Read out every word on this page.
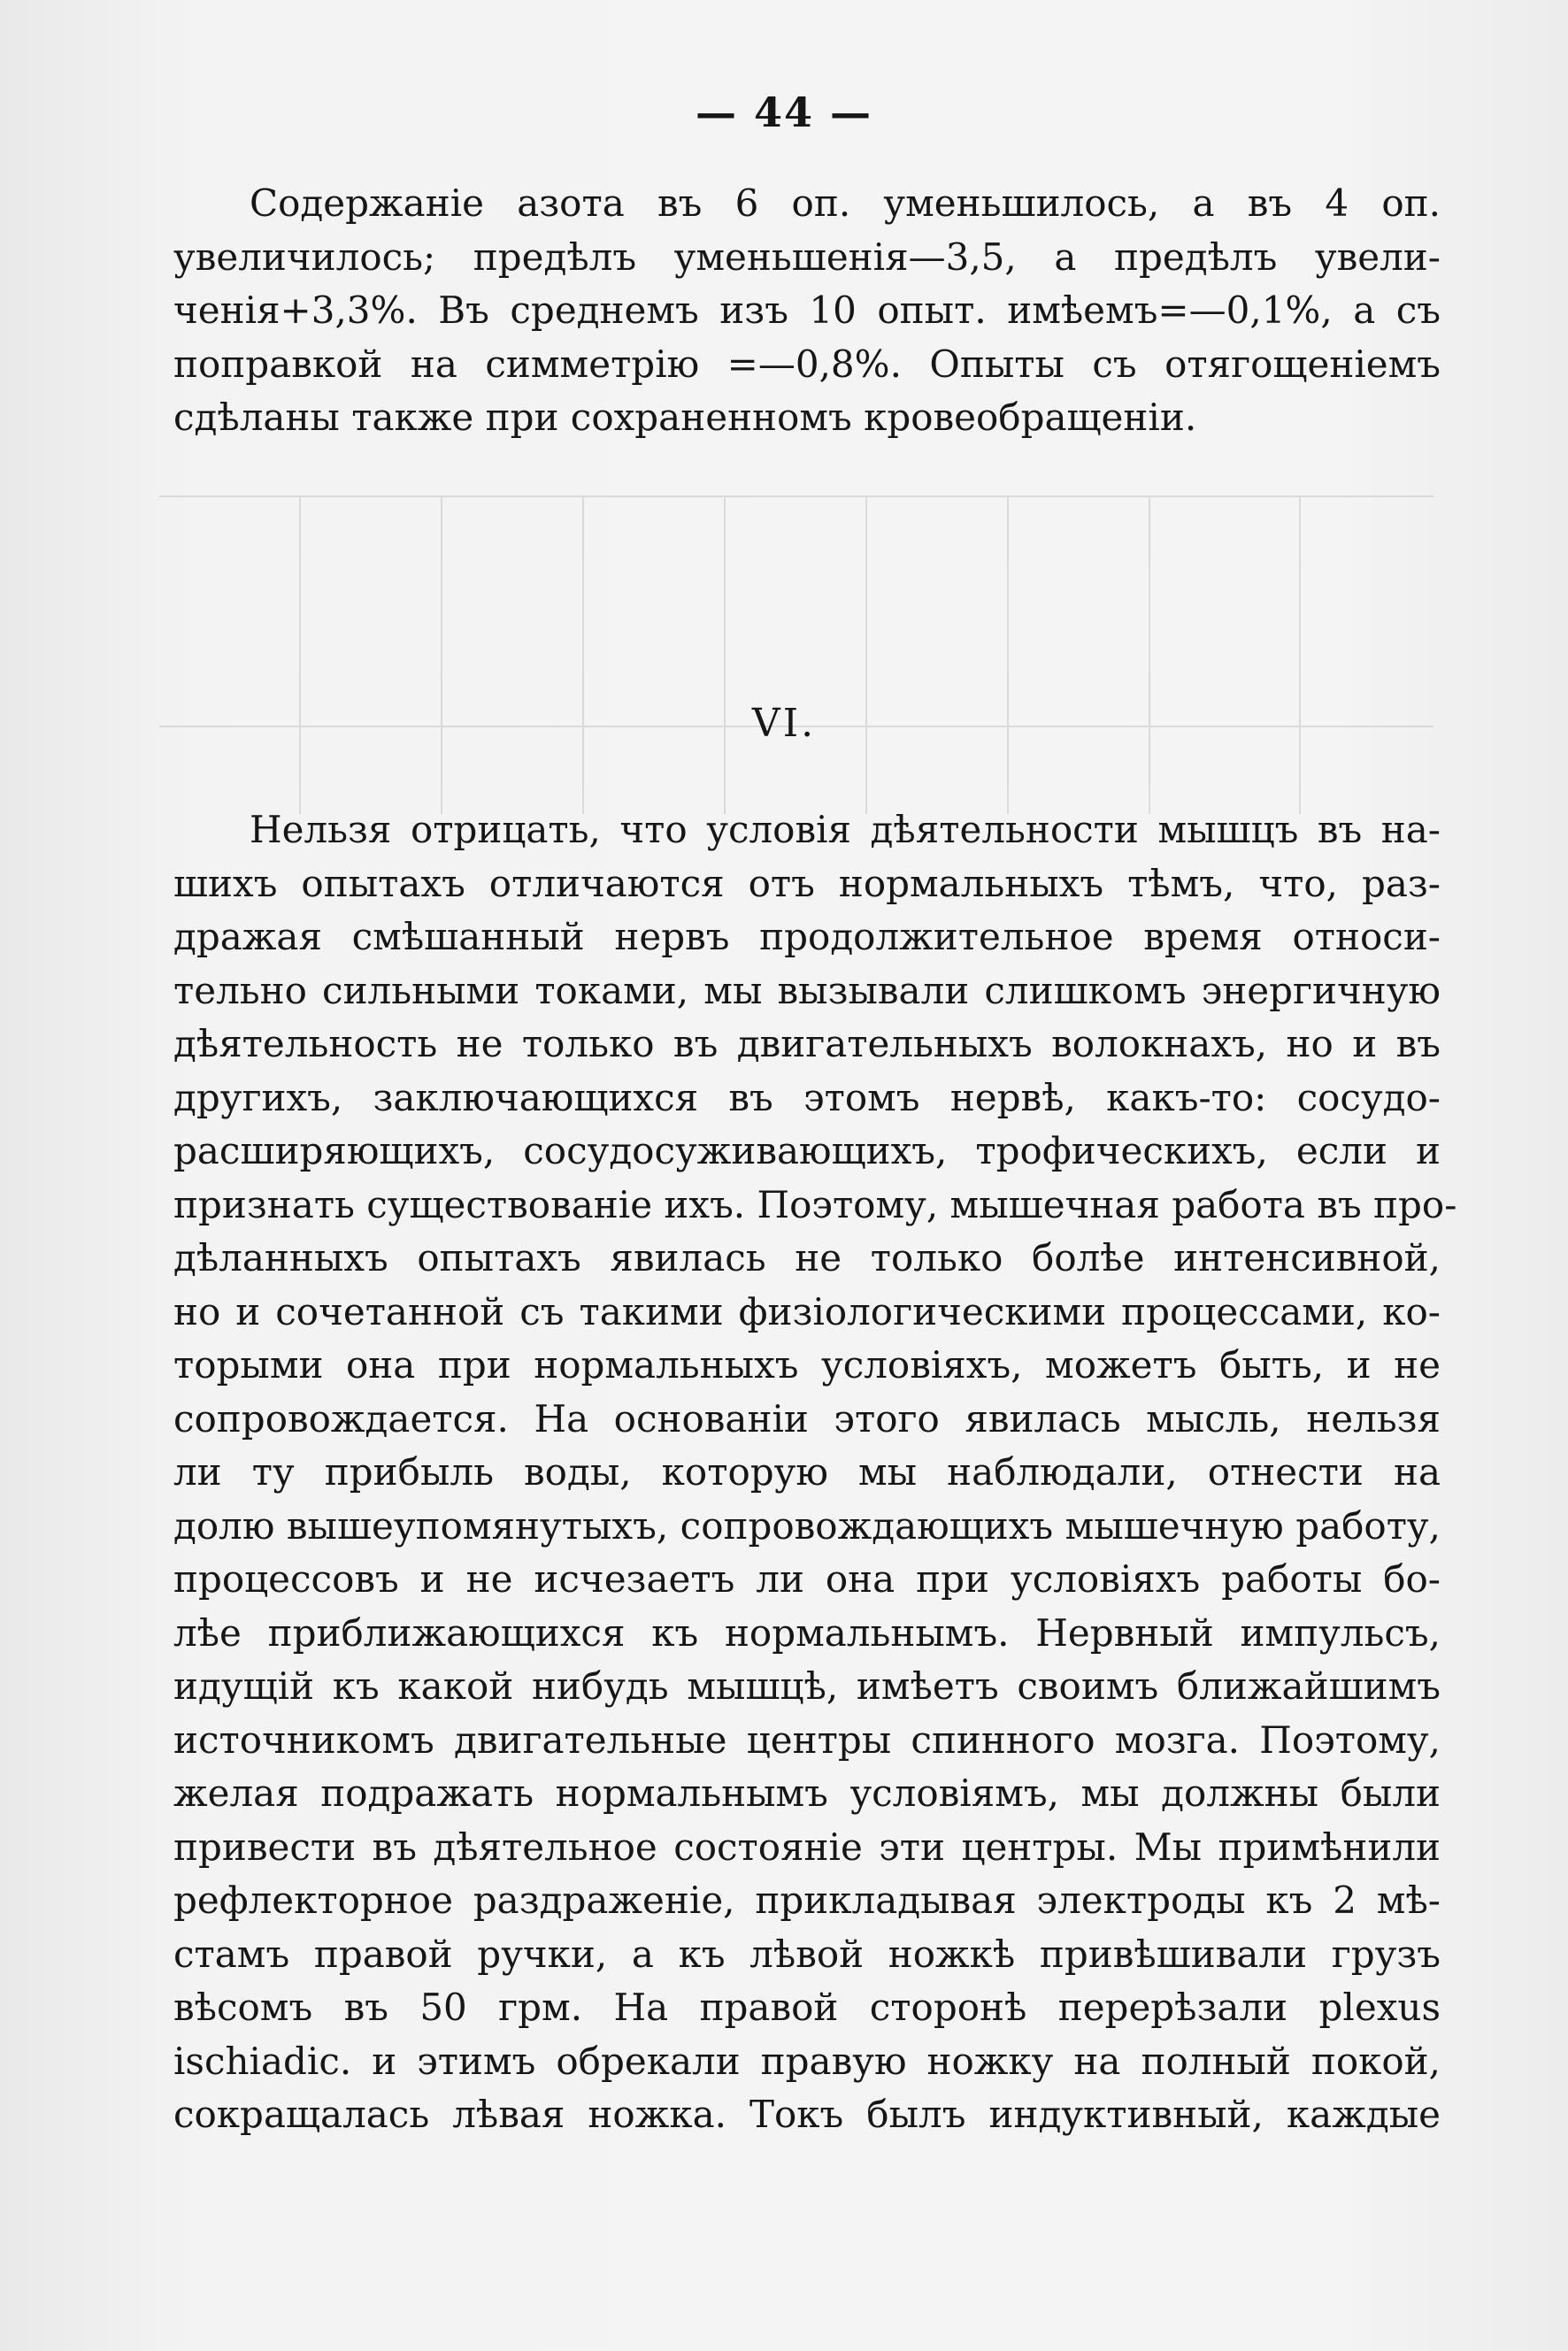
— 44 —
Содержаніе азота въ 6 оп. уменьшилось, а въ 4 оп.
увеличилось; предѣлъ уменьшенія—3,5, а предѣлъ увели-
ченія+3,3%. Въ среднемъ изъ 10 опыт. имѣемъ=—0,1%, а съ
поправкой на симметрію =—0,8%. Опыты съ отягощеніемъ
сдѣланы также при сохраненномъ кровеобращеніи.
VI.
Нельзя отрицать, что условія дѣятельности мышцъ въ на-
шихъ опытахъ отличаются отъ нормальныхъ тѣмъ, что, раз-
дражая смѣшанный нервъ продолжительное время относи-
тельно сильными токами, мы вызывали слишкомъ энергичную
дѣятельность не только въ двигательныхъ волокнахъ, но и въ
другихъ, заключающихся въ этомъ нервѣ, какъ-то: сосудо-
расширяющихъ, сосудосуживающихъ, трофическихъ, если и
признать существованіе ихъ. Поэтому, мышечная работа въ про-
дѣланныхъ опытахъ явилась не только болѣе интенсивной,
но и сочетанной съ такими физіологическими процессами, ко-
торыми она при нормальныхъ условіяхъ, можетъ быть, и не
сопровождается. На основаніи этого явилась мысль, нельзя
ли ту прибыль воды, которую мы наблюдали, отнести на
долю вышеупомянутыхъ, сопровождающихъ мышечную работу,
процессовъ и не исчезаетъ ли она при условіяхъ работы бо-
лѣе приближающихся къ нормальнымъ. Нервный импульсъ,
идущій къ какой нибудь мышцѣ, имѣетъ своимъ ближайшимъ
источникомъ двигательные центры спинного мозга. Поэтому,
желая подражать нормальнымъ условіямъ, мы должны были
привести въ дѣятельное состояніе эти центры. Мы примѣнили
рефлекторное раздраженіе, прикладывая электроды къ 2 мѣ-
стамъ правой ручки, а къ лѣвой ножкѣ привѣшивали грузъ
вѣсомъ въ 50 грм. На правой сторонѣ перерѣзали plexus
ischiadic. и этимъ обрекали правую ножку на полный покой,
сокращалась лѣвая ножка. Токъ былъ индуктивный, каждые
